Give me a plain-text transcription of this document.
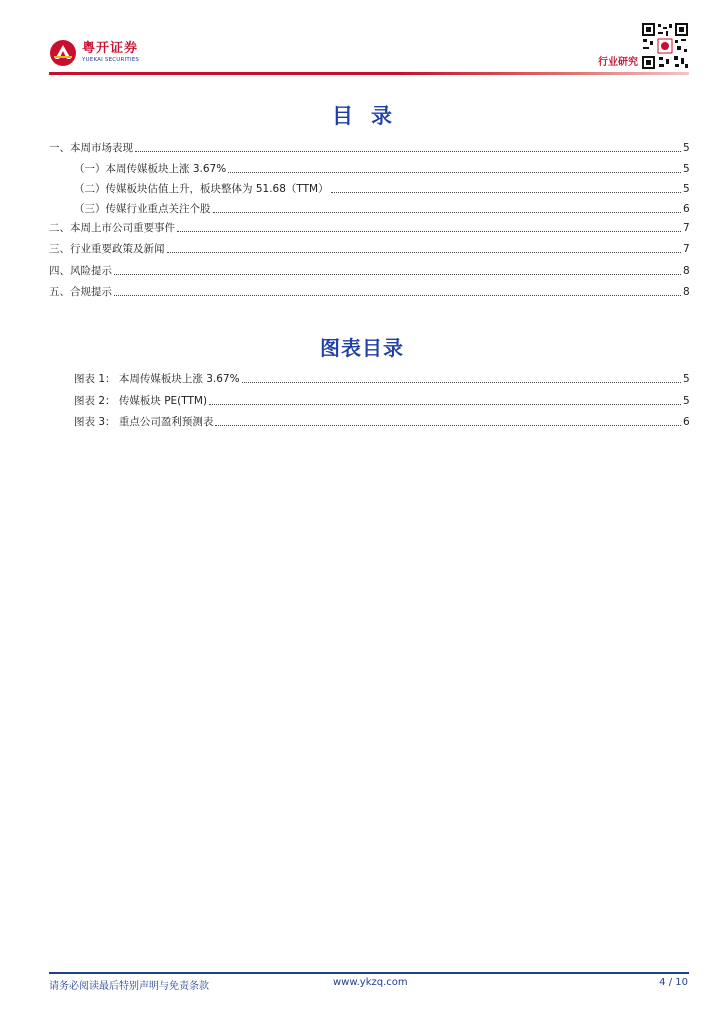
粤开证券
YUEKAI SECURITIES	行业研究
目录
一、本周市场表现	5
（一）本周传媒板块上涨 3.67%	5
（二）传媒板块估值上升，板块整体为 51.68（TTM）	5
（三）传媒行业重点关注个股	6
二、本周上市公司重要事件	7
三、行业重要政策及新闻	7
四、风险提示	8
五、合规提示	8
图表目录
图表 1： 本周传媒板块上涨 3.67%	5
图表 2： 传媒板块 PE(TTM)	5
图表 3： 重点公司盈利预测表	6
请务必阅读最后特别声明与免责条款	www.ykzq.com	4 / 10
